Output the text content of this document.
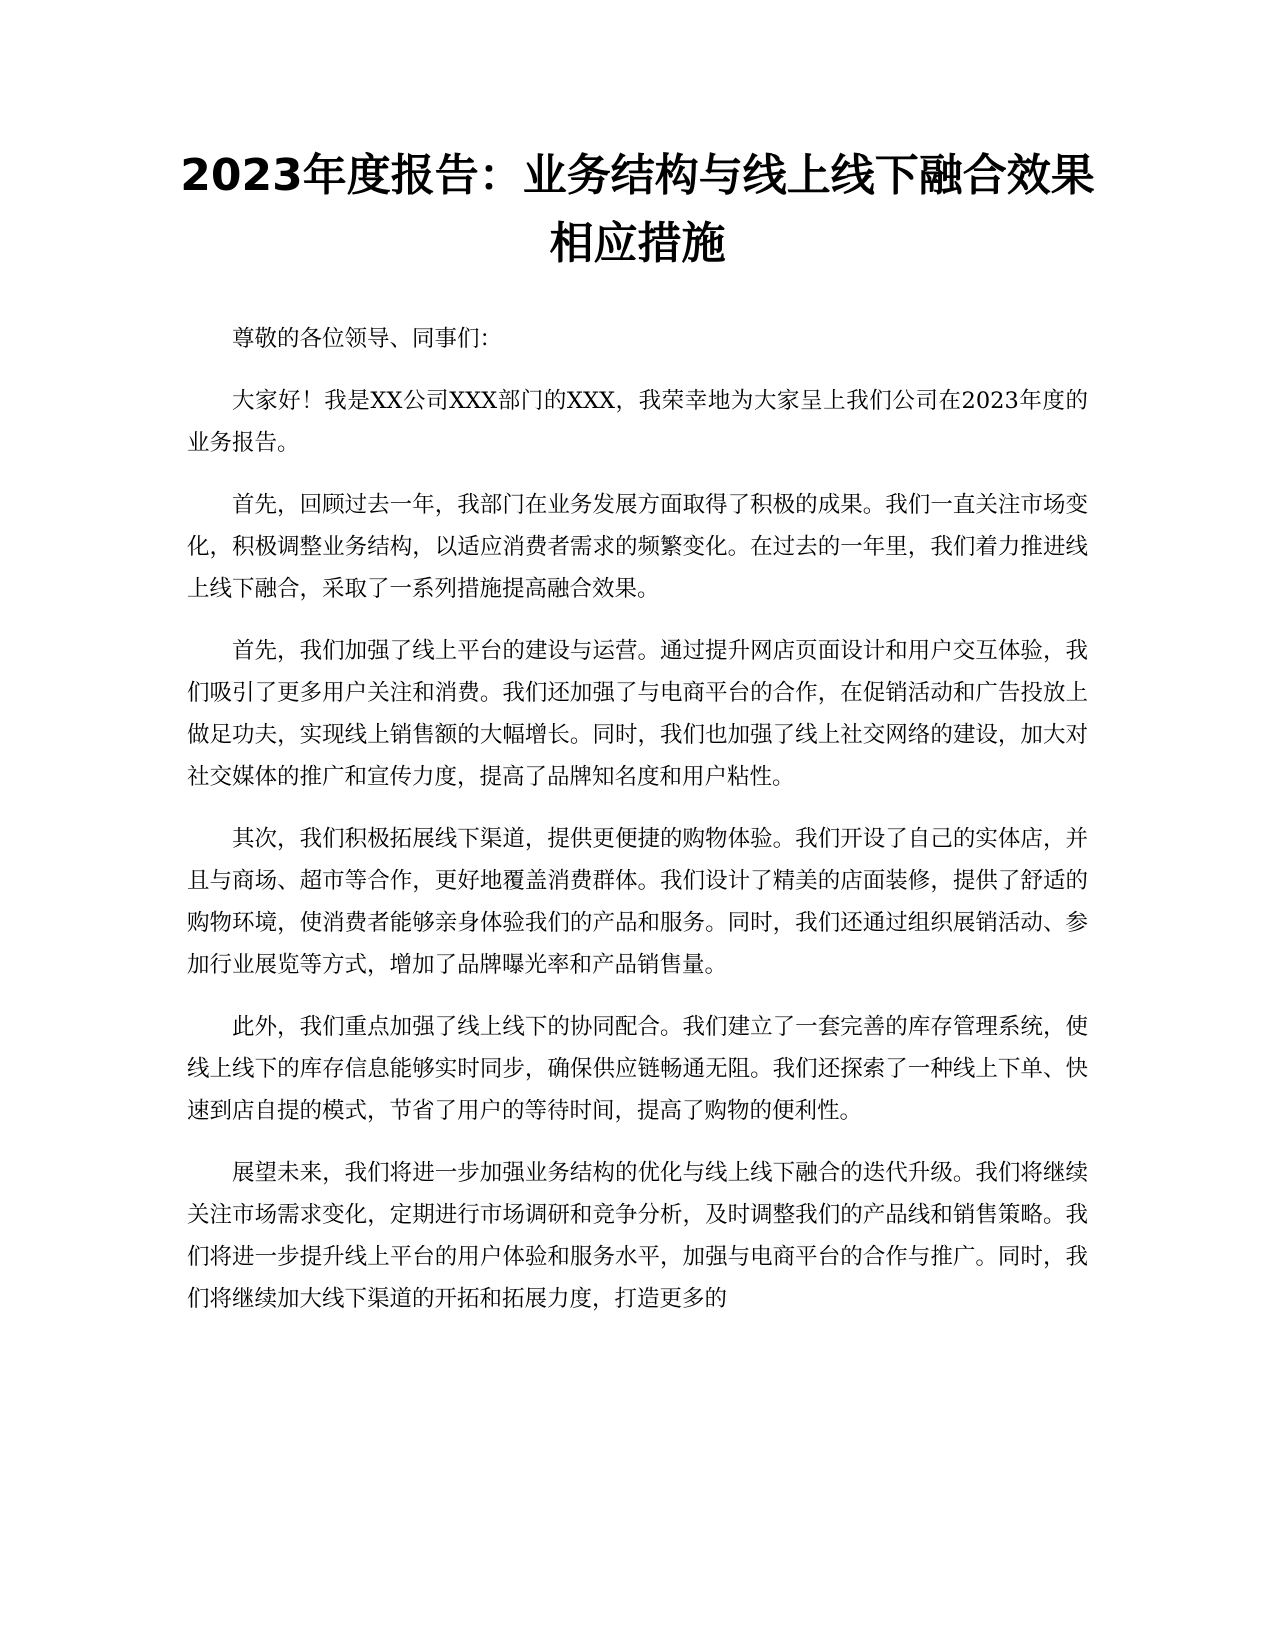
2023年度报告：业务结构与线上线下融合效果相应措施

尊敬的各位领导、同事们：

大家好！我是XX公司XXX部门的XXX，我荣幸地为大家呈上我们公司在2023年度的业务报告。

首先，回顾过去一年，我部门在业务发展方面取得了积极的成果。我们一直关注市场变化，积极调整业务结构，以适应消费者需求的频繁变化。在过去的一年里，我们着力推进线上线下融合，采取了一系列措施提高融合效果。

首先，我们加强了线上平台的建设与运营。通过提升网店页面设计和用户交互体验，我们吸引了更多用户关注和消费。我们还加强了与电商平台的合作，在促销活动和广告投放上做足功夫，实现线上销售额的大幅增长。同时，我们也加强了线上社交网络的建设，加大对社交媒体的推广和宣传力度，提高了品牌知名度和用户粘性。

其次，我们积极拓展线下渠道，提供更便捷的购物体验。我们开设了自己的实体店，并且与商场、超市等合作，更好地覆盖消费群体。我们设计了精美的店面装修，提供了舒适的购物环境，使消费者能够亲身体验我们的产品和服务。同时，我们还通过组织展销活动、参加行业展览等方式，增加了品牌曝光率和产品销售量。

此外，我们重点加强了线上线下的协同配合。我们建立了一套完善的库存管理系统，使线上线下的库存信息能够实时同步，确保供应链畅通无阻。我们还探索了一种线上下单、快速到店自提的模式，节省了用户的等待时间，提高了购物的便利性。

展望未来，我们将进一步加强业务结构的优化与线上线下融合的迭代升级。我们将继续关注市场需求变化，定期进行市场调研和竞争分析，及时调整我们的产品线和销售策略。我们将进一步提升线上平台的用户体验和服务水平，加强与电商平台的合作与推广。同时，我们将继续加大线下渠道的开拓和拓展力度，打造更多的
